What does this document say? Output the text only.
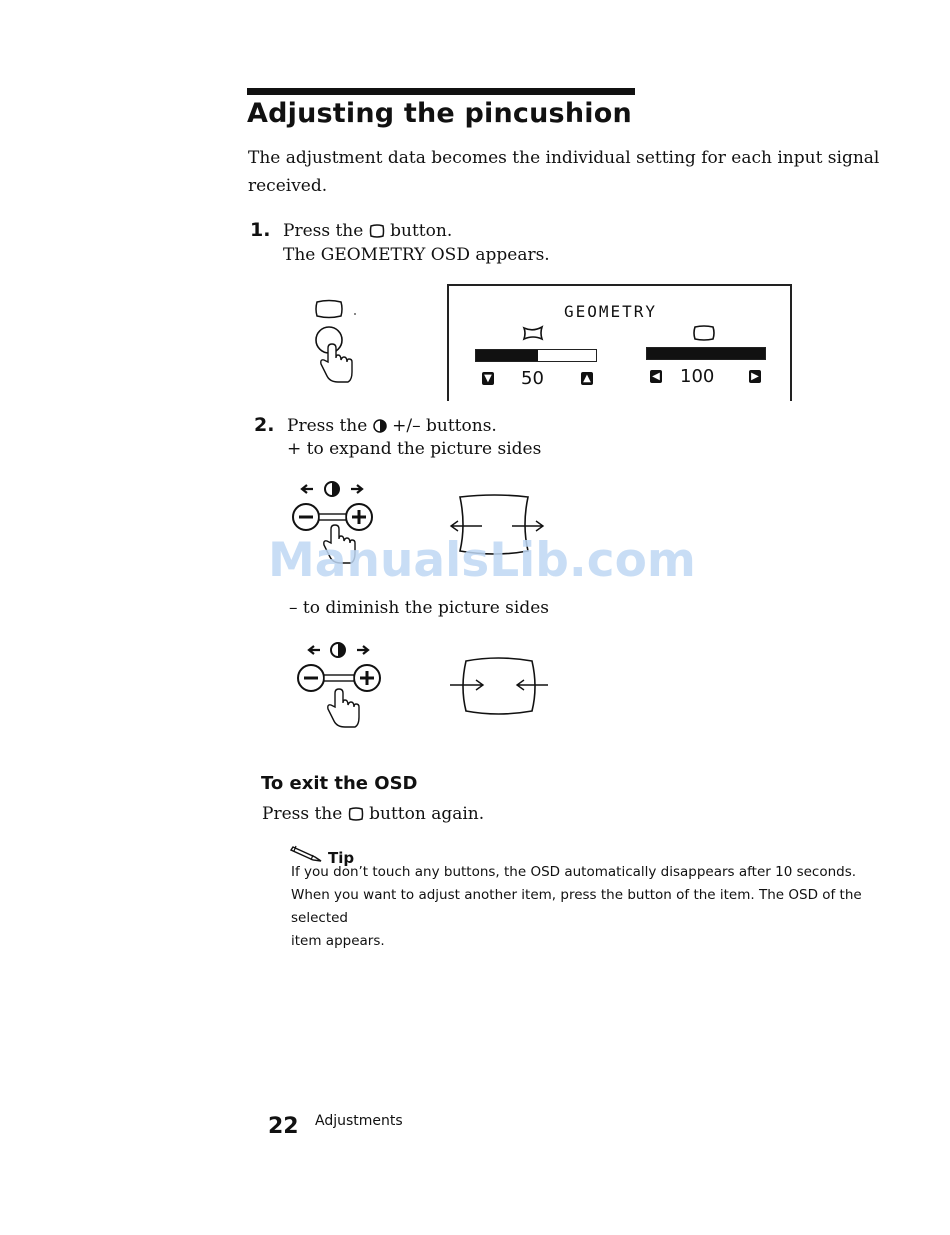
Adjusting the pincushion
The adjustment data becomes the individual setting for each input signal received.
1. Press the button.
The GEOMETRY OSD appears.
GEOMETRY
▼ 50	▲	◀ 100	▶
2. Press the +/– buttons.
+ to expand the picture sides
ManualsLib.com
– to diminish the picture sides
To exit the OSD
Press the button again.
Tip
If you don’t touch any buttons, the OSD automatically disappears after 10 seconds.
When you want to adjust another item, press the button of the item. The OSD of the selected
item appears.
22 Adjustments
